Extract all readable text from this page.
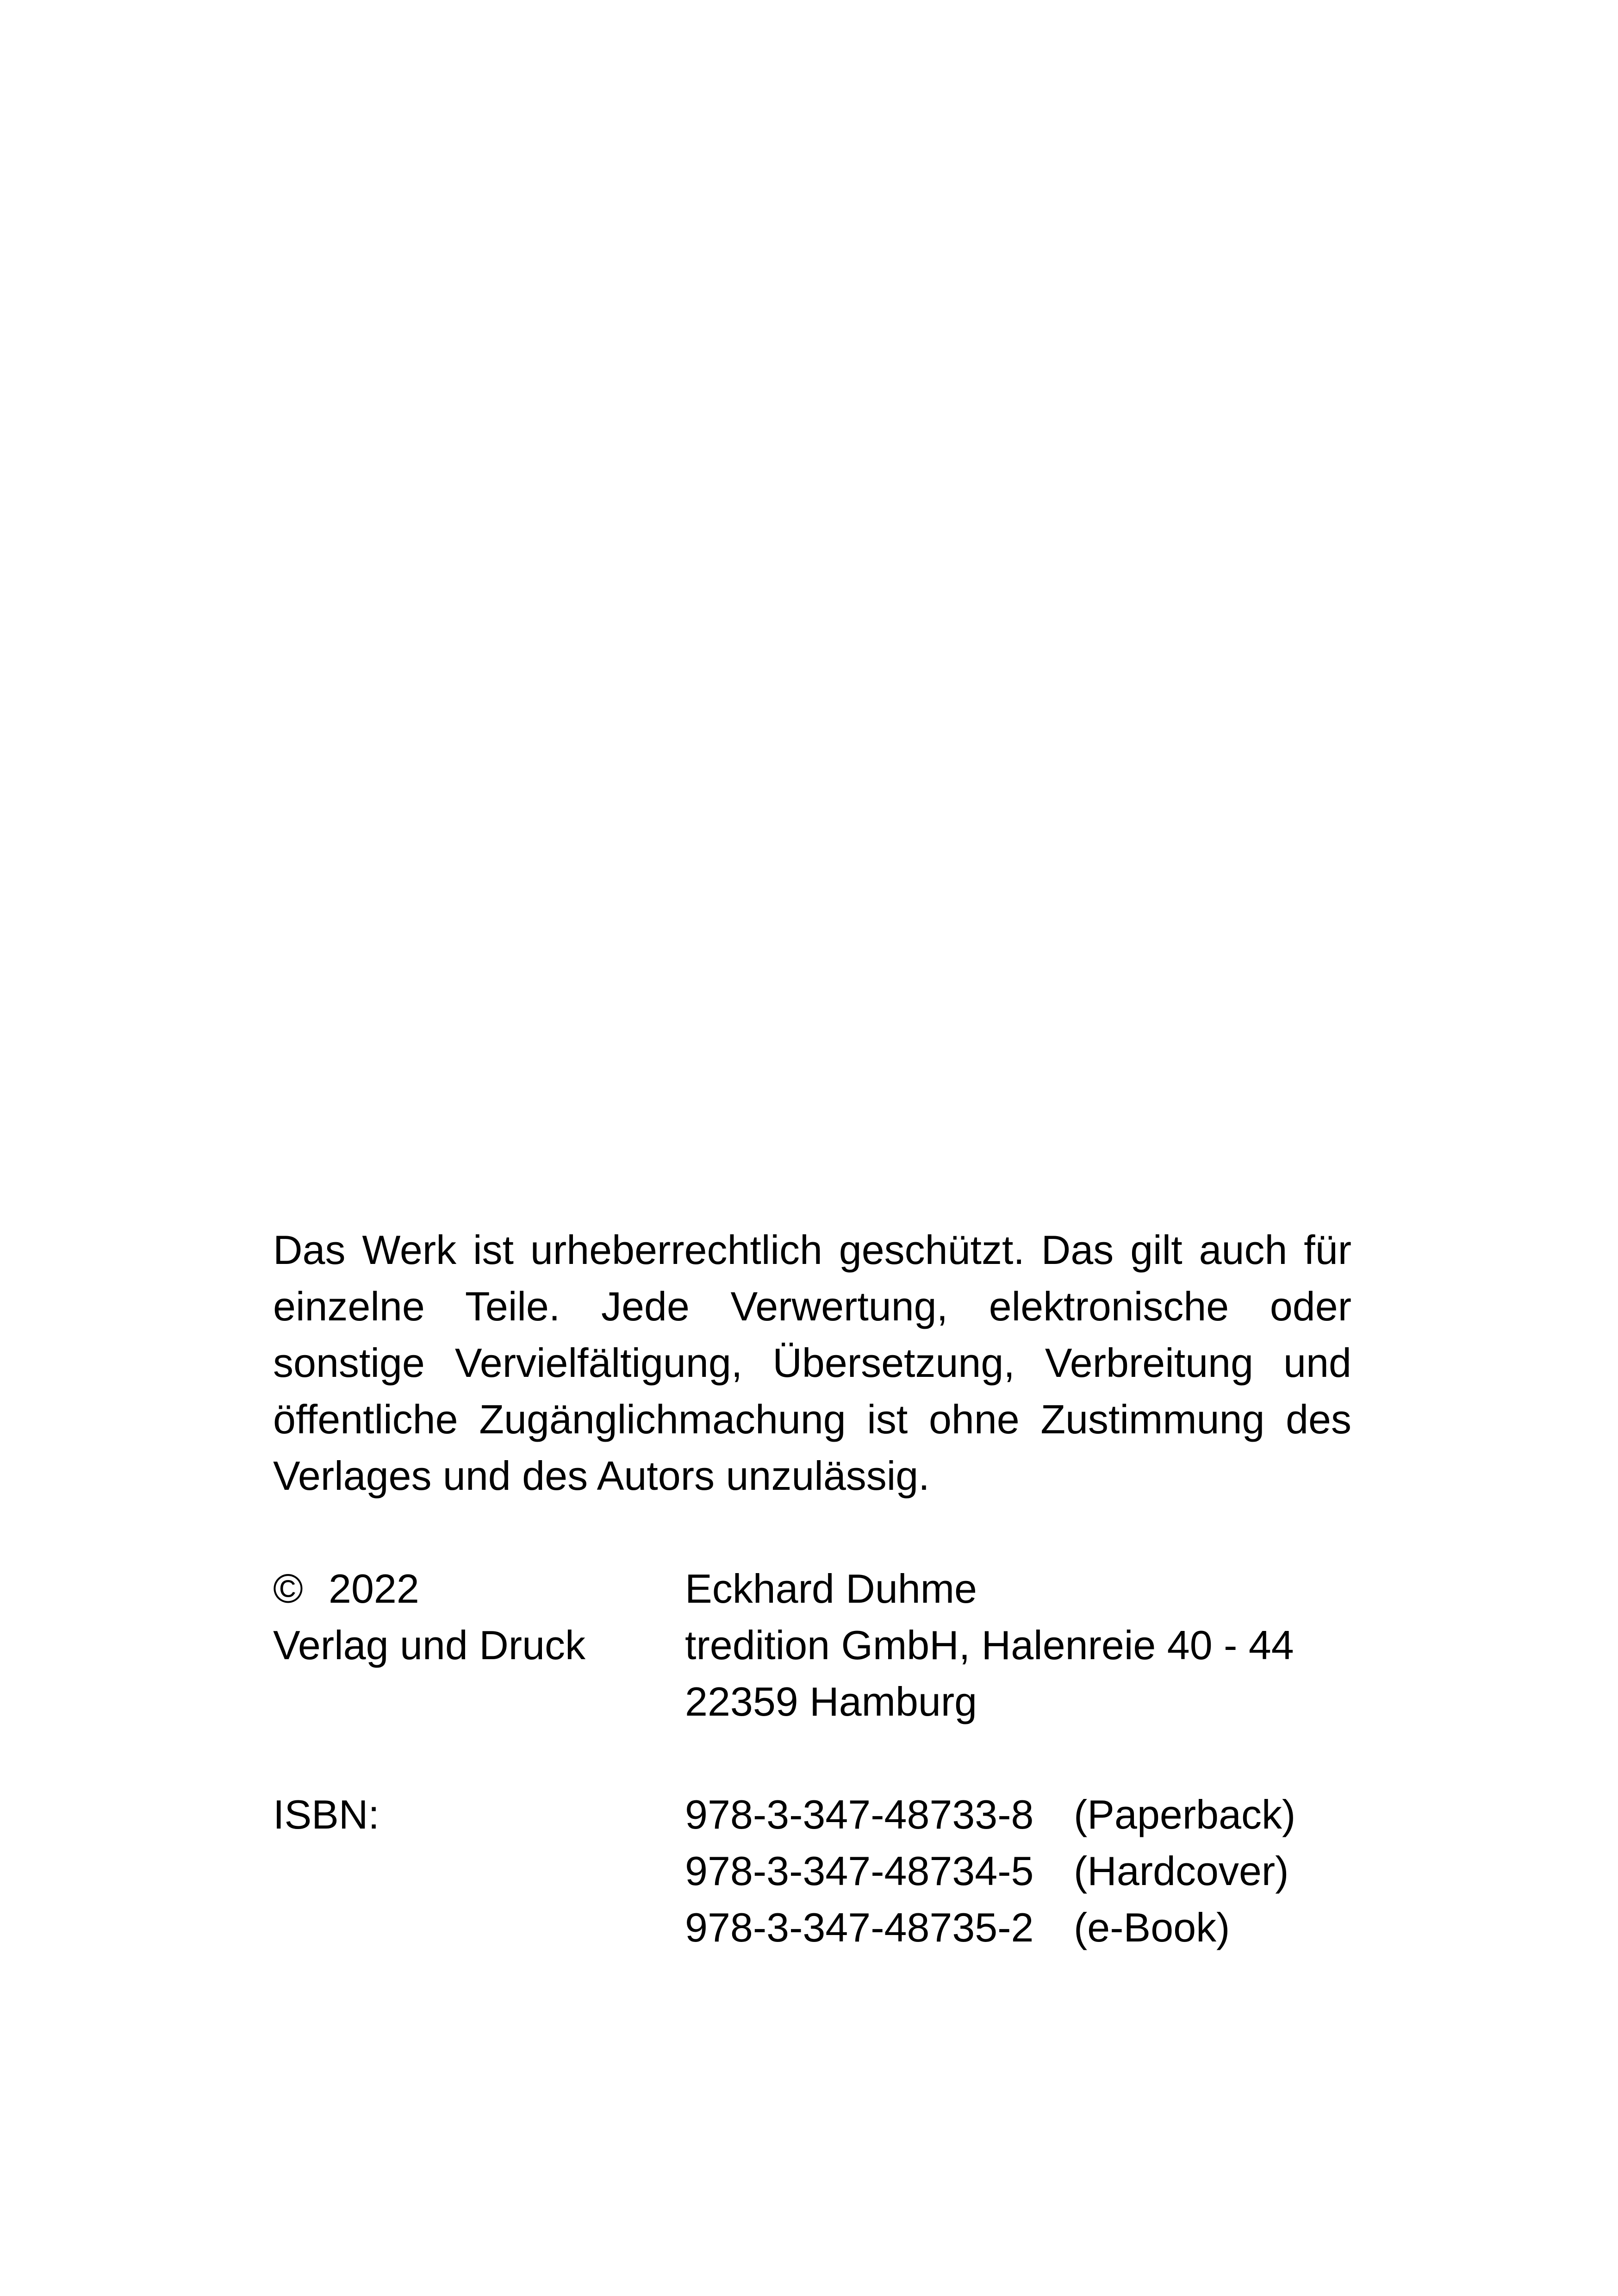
Das Werk ist urheberrechtlich geschützt. Das gilt auch für
einzelne Teile. Jede Verwertung, elektronische oder
sonstige Vervielfältigung, Übersetzung, Verbreitung und
öffentliche Zugänglichmachung ist ohne Zustimmung des
Verlages und des Autors unzulässig.
© 2022	Eckhard Duhme
Verlag und Druck	tredition GmbH, Halenreie 40 - 44
22359 Hamburg
ISBN:	978-3-347-48733-8 (Paperback)
978-3-347-48734-5 (Hardcover)
978-3-347-48735-2 (e-Book)
